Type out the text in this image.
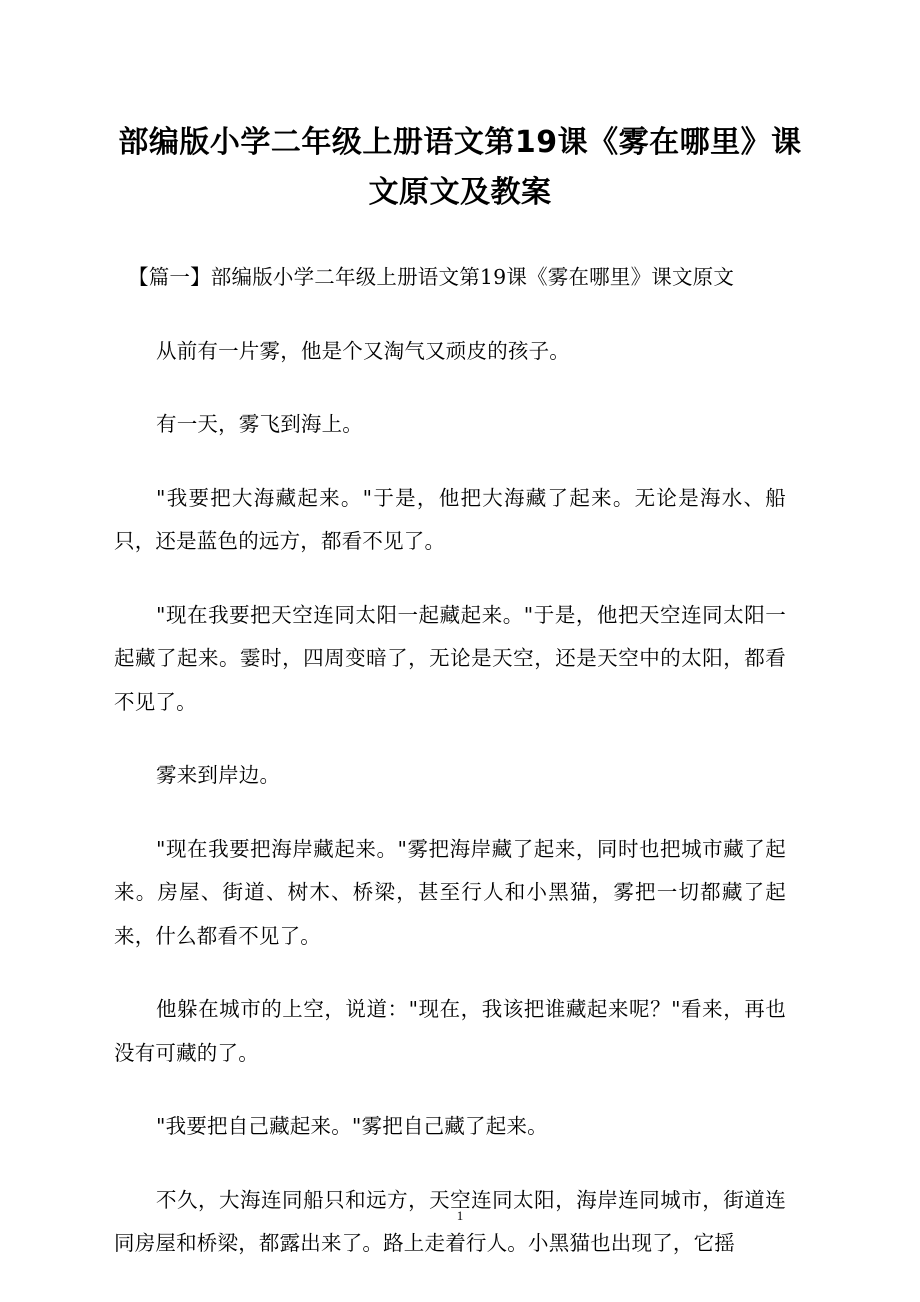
部编版小学二年级上册语文第19课《雾在哪里》课文原文及教案

【篇一】部编版小学二年级上册语文第19课《雾在哪里》课文原文

从前有一片雾，他是个又淘气又顽皮的孩子。

有一天，雾飞到海上。

"我要把大海藏起来。"于是，他把大海藏了起来。无论是海水、船只，还是蓝色的远方，都看不见了。

"现在我要把天空连同太阳一起藏起来。"于是，他把天空连同太阳一起藏了起来。霎时，四周变暗了，无论是天空，还是天空中的太阳，都看不见了。

雾来到岸边。

"现在我要把海岸藏起来。"雾把海岸藏了起来，同时也把城市藏了起来。房屋、街道、树木、桥梁，甚至行人和小黑猫，雾把一切都藏了起来，什么都看不见了。

他躲在城市的上空，说道："现在，我该把谁藏起来呢？"看来，再也没有可藏的了。

"我要把自己藏起来。"雾把自己藏了起来。

不久，大海连同船只和远方，天空连同太阳，海岸连同城市，街道连同房屋和桥梁，都露出来了。路上走着行人。小黑猫也出现了，它摇

1
